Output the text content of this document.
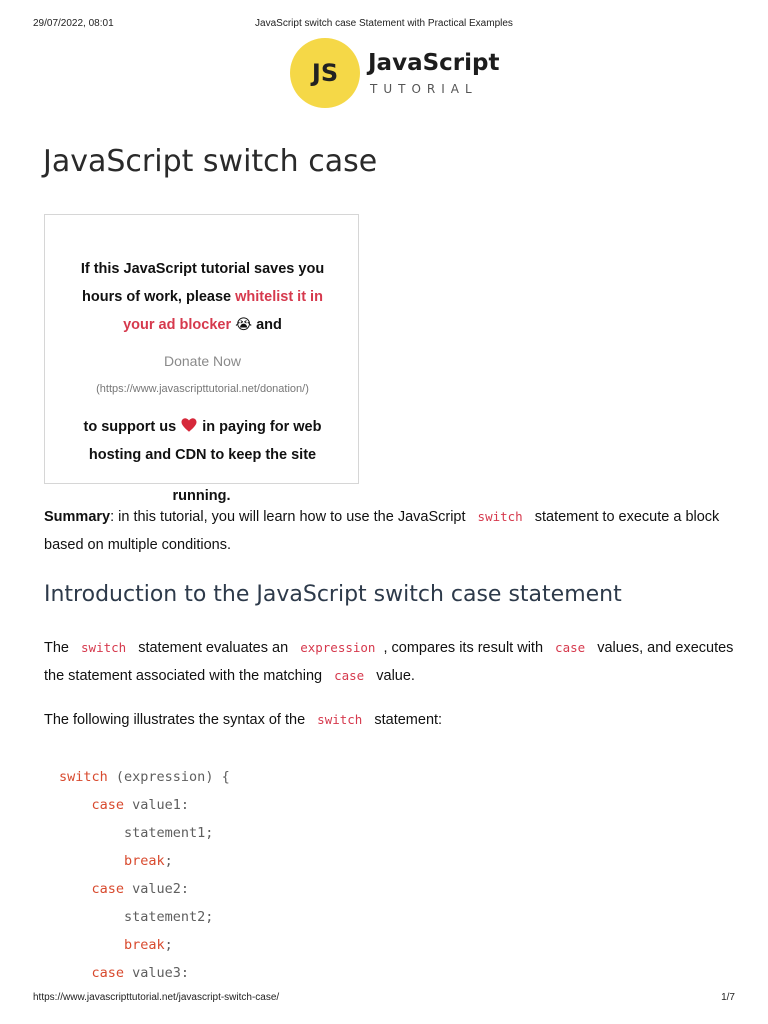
29/07/2022, 08:01	JavaScript switch case Statement with Practical Examples
JS	JavaScript
TUTORIAL
JavaScript switch case
If this JavaScript tutorial saves you
hours of work, please whitelist it in
your ad blocker 😭 and
Donate Now
(https://www.javascripttutorial.net/donation/)
to support us  in paying for web
hosting and CDN to keep the site
running.
Summary: in this tutorial, you will learn how to use the JavaScript switch statement to execute a block based on multiple conditions.
Introduction to the JavaScript switch case statement
The switch statement evaluates an expression , compares its result with case values, and executes the statement associated with the matching case value.
The following illustrates the syntax of the switch statement:
switch (expression) {
case value1:
statement1;
break;
case value2:
statement2;
break;
case value3:
https://www.javascripttutorial.net/javascript-switch-case/	1/7
